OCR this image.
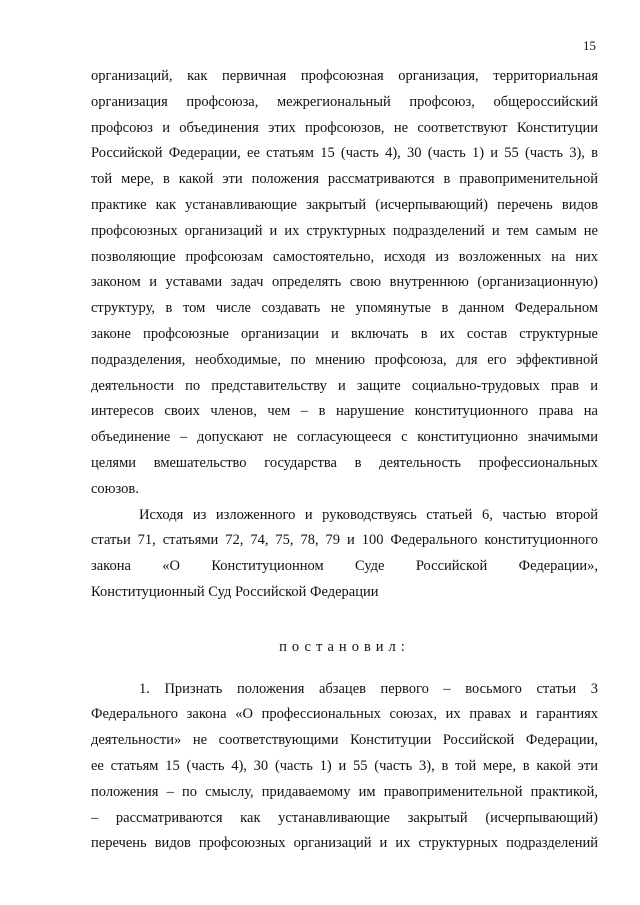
15
организаций, как первичная профсоюзная организация, территориальная
организация профсоюза, межрегиональный профсоюз, общероссийский
профсоюз и объединения этих профсоюзов, не соответствуют Конституции
Российской Федерации, ее статьям 15 (часть 4), 30 (часть 1) и 55 (часть 3), в
той мере, в какой эти положения рассматриваются в правоприменительной
практике как устанавливающие закрытый (исчерпывающий) перечень видов
профсоюзных организаций и их структурных подразделений и тем самым не
позволяющие профсоюзам самостоятельно, исходя из возложенных на них
законом и уставами задач определять свою внутреннюю (организационную)
структуру, в том числе создавать не упомянутые в данном Федеральном
законе профсоюзные организации и включать в их состав структурные
подразделения, необходимые, по мнению профсоюза, для его эффективной
деятельности по представительству и защите социально-трудовых прав и
интересов своих членов, чем – в нарушение конституционного права на
объединение – допускают не согласующееся с конституционно значимыми
целями вмешательство государства в деятельность профессиональных
союзов.
Исходя из изложенного и руководствуясь статьей 6, частью второй
статьи 71, статьями 72, 74, 75, 78, 79 и 100 Федерального конституционного
закона «О Конституционном Суде Российской Федерации»,
Конституционный Суд Российской Федерации
постановил:
1. Признать положения абзацев первого – восьмого статьи 3
Федерального закона «О профессиональных союзах, их правах и гарантиях
деятельности» не соответствующими Конституции Российской Федерации,
ее статьям 15 (часть 4), 30 (часть 1) и 55 (часть 3), в той мере, в какой эти
положения – по смыслу, придаваемому им правоприменительной практикой,
– рассматриваются как устанавливающие закрытый (исчерпывающий)
перечень видов профсоюзных организаций и их структурных подразделений
